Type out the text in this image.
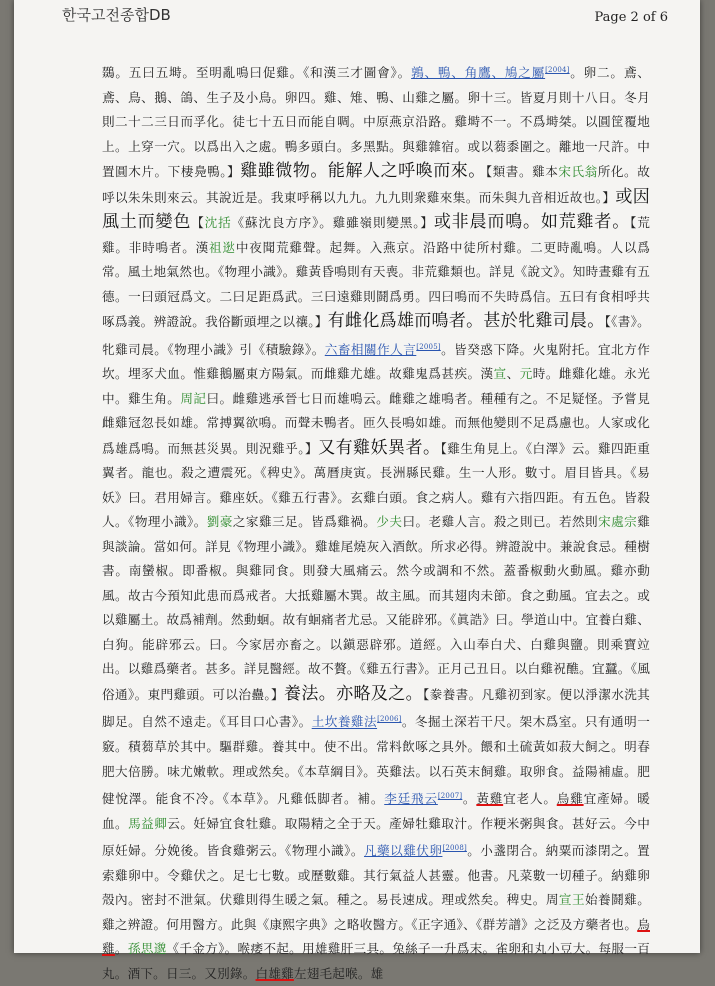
한국고전종합DB	Page 2 of 6

鵽。五曰五塒。至明亂鳴曰促雞。《和漢三才圖會》。鶉、鴨、角鷹、鳩之屬[2004]。卵二。鳶、鳶、鳥、鵝、鴿、生子及小鳥。卵四。雞、雉、鴨、山雞之屬。卵十三。皆夏月則十八日。冬月則二十二三日而孚化。徒七十五日而能自啁。中原燕京沿路。雞塒不一。不爲塒桀。以圓筐覆地上。上穿一穴。以爲出入之處。鴨多頭白。多黑點。與雞雜宿。或以蒭黍圍之。離地一尺許。中置圓木片。下棲鳧鴨。】雞雖微物。能解人之呼喚而來。【類書。雞本宋氏翁所化。故呼以朱朱則來云。其說近是。我東呼稱以九九。九九則衆雞來集。而朱與九音相近故也。】或因風土而變色【沈括《蘇沈良方序》。雞雖嶺則變黑。】或非晨而鳴。如荒雞者。【荒雞。非時鳴者。漢祖逖中夜聞荒雞聲。起舞。入燕京。沿路中徒所村雞。二更時亂鳴。人以爲常。風土地氣然也。《物理小識》。雞黃昏鳴則有天喪。非荒雞類也。詳見《說文》。知時晝雞有五德。一曰頭冠爲文。二曰足距爲武。三曰遠雞則鬪爲勇。四曰鳴而不失時爲信。五曰有食相呼共啄爲義。辨證說。我俗斷頭埋之以禳。】有雌化爲雄而鳴者。甚於牝雞司晨。【《書》。牝雞司晨。《物理小識》引《積驗錄》。六畜相關作人言[2005]。皆癸惑下降。火鬼附托。宜北方作坎。埋豕犬血。惟雞鵝屬東方陽氣。而雌雞尤雄。故雞鬼爲甚疾。漢宣、元時。雌雞化雄。永光中。雞生角。周記曰。雌雞逃承晉七日而雄鳴云。雌雞之雄鳴者。種種有之。不足疑怪。予嘗見雌雞冠忽長如雄。常搏翼欲鳴。而聲未鴨者。匝久長鳴如雄。而無他變則不足爲慮也。人家或化爲雄爲鳴。而無甚災異。則況雞乎。】又有雞妖異者。【雞生角見上。《白澤》云。雞四距重翼者。龍也。殺之遭震死。《稗史》。萬曆庚寅。長洲縣民雞。生一人形。數寸。眉目皆具。《易妖》曰。君用婦言。雞座妖。《雞五行書》。玄雞白頭。食之病人。雞有六指四距。有五色。皆殺人。《物理小識》。劉豪之家雞三足。皆爲雞禍。少夫曰。老雞人言。殺之則已。若然則宋處宗雞與談論。當如何。詳見《物理小識》。雞雄尾燒灰入酒飲。所求必得。辨證說中。兼說食忌。種樹書。南蠻椒。即番椒。與雞同食。則發大風痛云。然今或調和不然。蓋番椒動火動風。雞亦動風。故古今預知此患而爲戒者。大抵雞屬木巽。故主風。而其翅肉未節。食之動風。宜去之。或以雞屬土。故爲補劑。然動蛔。故有蛔痛者尤忌。又能辟邪。《眞誥》曰。學道山中。宜養白雞、白狗。能辟邪云。曰。今家居亦畜之。以鎭惡辟邪。道經。入山奉白犬、白雞與鹽。則乘寶竝出。以雞爲藥者。甚多。詳見醫經。故不贅。《雞五行書》。正月己丑日。以白雞祝醮。宜蠶。《風俗通》。東門雞頭。可以治蠱。】養法。亦略及之。【豢養書。凡雞初到家。便以淨潔水洗其脚足。自然不遠走。《耳目口心書》。土坎養雞法[2006]。冬掘土深若干尺。架木爲室。只有通明一竅。積蒭草於其中。驅群雞。養其中。使不出。常料飲啄之具外。餵和土硫黃如菽大飼之。明春肥大倍勝。味尤嫩軟。理或然矣。《本草綱目》。英雞法。以石英末飼雞。取卵食。益陽補虛。肥健悅澤。能食不冷。《本草》。凡雞低脚者。補。李廷飛云[2007]。黃雞宜老人。烏雞宜產婦。暖血。馬益卿云。妊婦宜食牡雞。取陽精之全于天。產婦牡雞取汁。作粳米粥與食。甚好云。今中原妊婦。分娩後。皆食雞粥云。《物理小識》。凡藥以雞伏卵[2008]。小盞閉合。納粟而漆閉之。置索雞卵中。令雞伏之。足七七數。或歷數雞。其行氣益人甚靈。他書。凡菜數一切種子。納雞卵殼內。密封不泄氣。伏雞則得生暖之氣。種之。易長速成。理或然矣。稗史。周宣王始養鬪雞。雞之辨證。何用醫方。此與《康熙字典》之略收醫方。《正字通》、《群芳譜》之泛及方藥者也。烏雞。孫思邈《千金方》。喉痿不起。用雄雞肝三具。兔絲子一升爲末。雀卵和丸小豆大。每服一百丸。酒下。日三。又別錄。白雄雞左翅毛起喉。雄
